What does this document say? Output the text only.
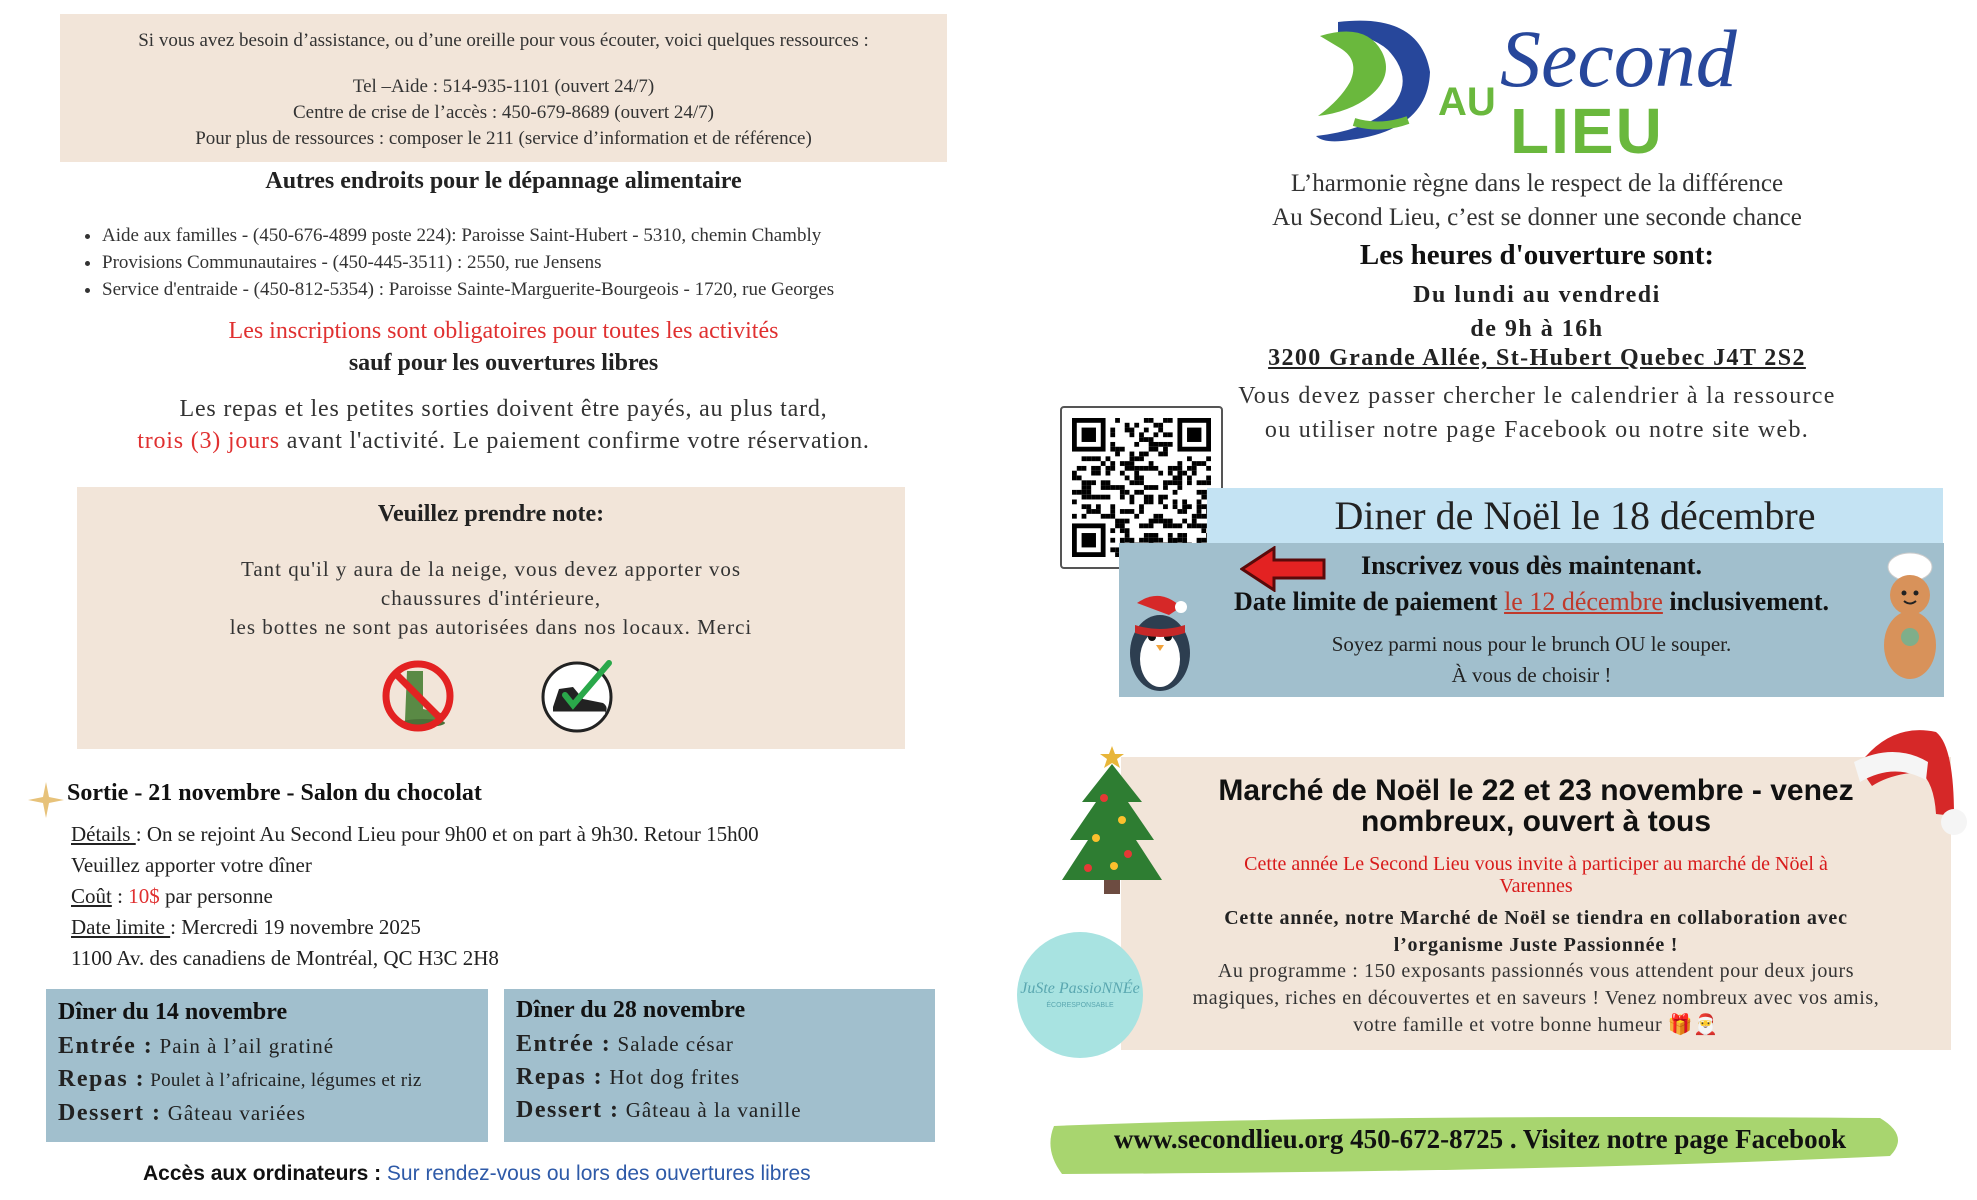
Si vous avez besoin d’assistance, ou d’une oreille pour vous écouter, voici quelques ressources :

Tel –Aide : 514-935-1101 (ouvert 24/7)

Centre de crise de l’accès : 450-679-8689 (ouvert 24/7)

Pour plus de ressources : composer le 211 (service d’information et de référence)

Autres endroits pour le dépannage alimentaire
• Aide aux familles - (450-676-4899 poste 224): Paroisse Saint-Hubert - 5310, chemin Chambly
• Provisions Communautaires - (450-445-3511) : 2550, rue Jensens
• Service d'entraide - (450-812-5354) : Paroisse Sainte-Marguerite-Bourgeois - 1720, rue Georges
Les inscriptions sont obligatoires pour toutes les activités
sauf pour les ouvertures libres
Les repas et les petites sorties doivent être payés, au plus tard,
trois (3) jours avant l'activité. Le paiement confirme votre réservation.
Veuillez prendre note:
Tant qu'il y aura de la neige, vous devez apporter vos
chaussures d'intérieure,
les bottes ne sont pas autorisées dans nos locaux. Merci
Sortie - 21 novembre - Salon du chocolat
Détails : On se rejoint Au Second Lieu pour 9h00 et on part à 9h30. Retour 15h00
Veuillez apporter votre dîner
Coût : 10$ par personne
Date limite : Mercredi 19 novembre 2025
1100 Av. des canadiens de Montréal, QC H3C 2H8
Dîner du 14 novembre
Entrée : Pain à l’ail gratiné
Repas : Poulet à l’africaine, légumes et riz
Dessert : Gâteau variées
Dîner du 28 novembre
Entrée : Salade césar
Repas : Hot dog frites
Dessert : Gâteau à la vanille
Accès aux ordinateurs : Sur rendez-vous ou lors des ouvertures libres
AU Second
LIEU
L’harmonie règne dans le respect de la différence
Au Second Lieu, c’est se donner une seconde chance
Les heures d'ouverture sont:
Du lundi au vendredi
de 9h à 16h
3200 Grande Allée, St-Hubert Quebec J4T 2S2
Vous devez passer chercher le calendrier à la ressource
ou utiliser notre page Facebook ou notre site web.
Diner de Noël le 18 décembre
Inscrivez vous dès maintenant.
Date limite de paiement le 12 décembre inclusivement.
Soyez parmi nous pour le brunch OU le souper.
À vous de choisir !
Marché de Noël le 22 et 23 novembre - venez
nombreux, ouvert à tous
Cette année Le Second Lieu vous invite à participer au marché de Nöel à
Varennes
Cette année, notre Marché de Noël se tiendra en collaboration avec
l’organisme Juste Passionnée !
Au programme : 150 exposants passionnés vous attendent pour deux jours
magiques, riches en découvertes et en saveurs ! Venez nombreux avec vos amis,
votre famille et votre bonne humeur 🎁🎅
JuSte PassioNNÉe
ÉCORESPONSABLE
www.secondlieu.org 450-672-8725 . Visitez notre page Facebook
